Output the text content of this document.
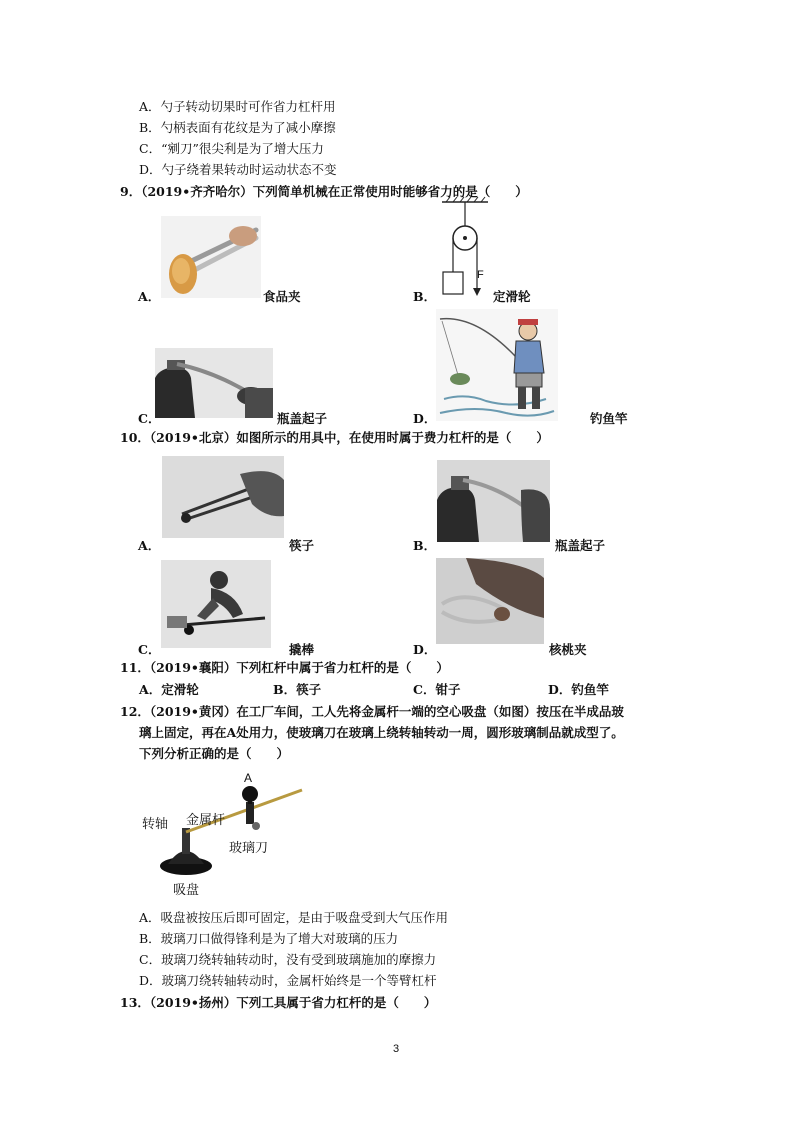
A．勺子转动切果时可作省力杠杆用
B．勺柄表面有花纹是为了减小摩擦
C．“剜刀”很尖利是为了增大压力
D．勺子绕着果转动时运动状态不变
9．（2019•齐齐哈尔）下列简单机械在正常使用时能够省力的是（　　）
A．	食品夹
F
B．	定滑轮
C．	瓶盖起子	D．	钓鱼竿
10．（2019•北京）如图所示的用具中，在使用时属于费力杠杆的是（　　）
A．	筷子	B．	瓶盖起子
C．	撬棒	D．	核桃夹
11．（2019•襄阳）下列杠杆中属于省力杠杆的是（　　）
A．定滑轮	B．筷子	C．钳子	D．钓鱼竿
12．（2019•黄冈）在工厂车间，工人先将金属杆一端的空心吸盘（如图）按压在半成品玻
璃上固定，再在A处用力，使玻璃刀在玻璃上绕转轴转动一周，圆形玻璃制品就成型了。
下列分析正确的是（　　）
A
转轴 金属杆
玻璃刀
吸盘
A．吸盘被按压后即可固定，是由于吸盘受到大气压作用
B．玻璃刀口做得锋利是为了增大对玻璃的压力
C．玻璃刀绕转轴转动时，没有受到玻璃施加的摩擦力
D．玻璃刀绕转轴转动时，金属杆始终是一个等臂杠杆
13．（2019•扬州）下列工具属于省力杠杆的是（　　）
3
